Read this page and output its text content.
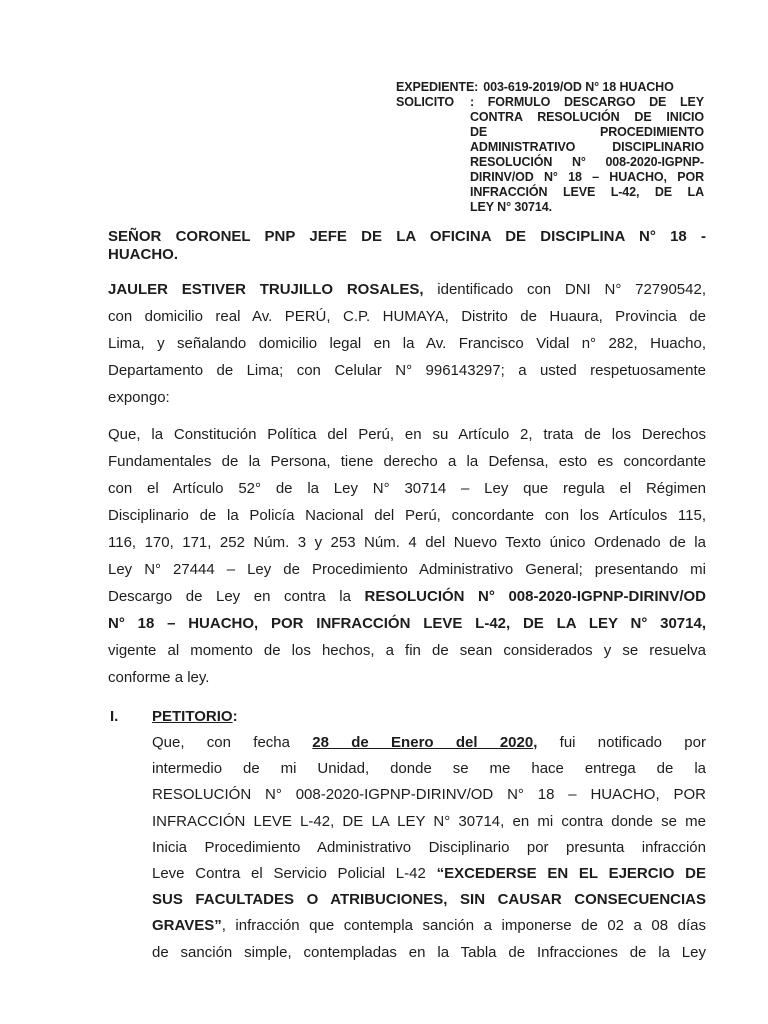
EXPEDIENTE: 003-619-2019/OD N° 18 HUACHO
SOLICITO	: FORMULO DESCARGO DE LEY
CONTRA RESOLUCIÓN DE INICIO
DE PROCEDIMIENTO
ADMINISTRATIVO DISCIPLINARIO
RESOLUCIÓN N° 008-2020-IGPNP-
DIRINV/OD N° 18 – HUACHO, POR
INFRACCIÓN LEVE L-42, DE LA
LEY N° 30714.
SEÑOR CORONEL PNP JEFE DE LA OFICINA DE DISCIPLINA N° 18 -
HUACHO.
JAULER ESTIVER TRUJILLO ROSALES, identificado con DNI N° 72790542,
con domicilio real Av. PERÚ, C.P. HUMAYA, Distrito de Huaura, Provincia de
Lima, y señalando domicilio legal en la Av. Francisco Vidal n° 282, Huacho,
Departamento de Lima; con Celular N° 996143297; a usted respetuosamente
expongo:
Que, la Constitución Política del Perú, en su Artículo 2, trata de los Derechos
Fundamentales de la Persona, tiene derecho a la Defensa, esto es concordante
con el Artículo 52° de la Ley N° 30714 – Ley que regula el Régimen
Disciplinario de la Policía Nacional del Perú, concordante con los Artículos 115,
116, 170, 171, 252 Núm. 3 y 253 Núm. 4 del Nuevo Texto único Ordenado de la
Ley N° 27444 – Ley de Procedimiento Administrativo General; presentando mi
Descargo de Ley en contra la RESOLUCIÓN N° 008-2020-IGPNP-DIRINV/OD
N° 18 – HUACHO, POR INFRACCIÓN LEVE L-42, DE LA LEY N° 30714,
vigente al momento de los hechos, a fin de sean considerados y se resuelva
conforme a ley.
I. PETITORIO:
Que, con fecha 28 de Enero del 2020, fui notificado por
intermedio de mi Unidad, donde se me hace entrega de la
RESOLUCIÓN N° 008-2020-IGPNP-DIRINV/OD N° 18 – HUACHO, POR
INFRACCIÓN LEVE L-42, DE LA LEY N° 30714, en mi contra donde se me
Inicia Procedimiento Administrativo Disciplinario por presunta infracción
Leve Contra el Servicio Policial L-42 “EXCEDERSE EN EL EJERCIO DE
SUS FACULTADES O ATRIBUCIONES, SIN CAUSAR CONSECUENCIAS
GRAVES”, infracción que contempla sanción a imponerse de 02 a 08 días
de sanción simple, contempladas en la Tabla de Infracciones de la Ley
